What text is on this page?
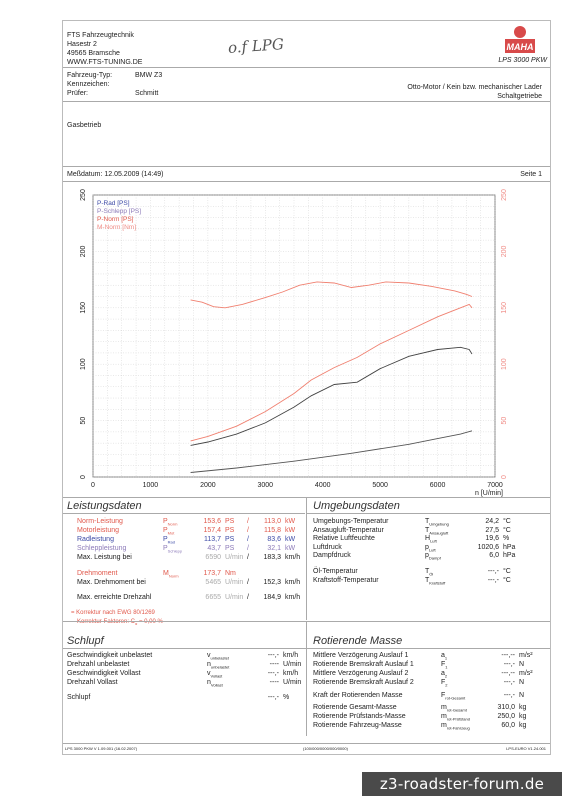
FTS Fahrzeugtechnik
Hasestr 2
49565 Bramsche
WWW.FTS-TUNING.DE
o.f LPG	MAHA
LPS 3000 PKW
Fahrzeug-Typ:	BMW Z3
Kennzeichen:
Prüfer:	Schmitt
Otto-Motor / Kein bzw. mechanischer Lader
Schaltgetriebe
Gasbetrieb
Meßdatum: 12.05.2009 (14:49)	Seite 1
0	1000	2000	3000	4000	5000	6000	7000
0	0
50	50
100	100
150	150
200	200
250	250
P-Rad [PS]
P-Schlepp [PS]
P-Norm [PS]
M-Norm [Nm]
n [U/min]
Leistungsdaten
Norm-Leistung	$P_{Norm}$	153,6 PS /	113,0 kW
Motorleistung	$P_{Mot}$	157,4 PS /	115,8 kW
Radleistung	$P_{Rad}$	113,7 PS /	83,6 kW
Schleppleistung	$P_{Schlepp}$	43,7 PS /	32,1 kW
Max. Leistung bei	6590 U/min /	183,3 km/h
Drehmoment	$M_{Norm}$	173,7 Nm
Max. Drehmoment bei	5465 U/min /	152,3 km/h
Max. erreichte Drehzahl	6655 U/min /	184,9 km/h
= Korrektur nach EWG 80/1269
Korrektur-Faktoren: $C_\alpha = 0,00$ %
Umgebungsdaten
Umgebungs-Temperatur	$T_{Umgebung}$	24,2 °C
Ansaugluft-Temperatur	$T_{Ansaugluft}$	27,5 °C
Relative Luftfeuchte	$H_{Luft}$	19,6 %
Luftdruck	$p_{Luft}$	1020,6 hPa
Dampfdruck	$p_{Dampf}$	6,0 hPa
Öl-Temperatur	$T_{Öl}$	---,- °C
Kraftstoff-Temperatur	$T_{Kraftstoff}$	---,- °C
Schlupf
Geschwindigkeit unbelastet	$v_{unbelastet}$	---,- km/h
Drehzahl unbelastet	$n_{unbelastet}$	---- U/min
Geschwindigkeit Vollast	$v_{Vollast}$	---,- km/h
Drehzahl Vollast	$n_{Vollast}$	---- U/min
Schlupf	---,- %
Rotierende Masse
Mittlere Verzögerung Auslauf 1	$a_1$	---,-- m/s²
Rotierende Bremskraft Auslauf 1	$F_1$	---,- N
Mittlere Verzögerung Auslauf 2	$a_2$	---,-- m/s²
Rotierende Bremskraft Auslauf 2	$F_2$	---,- N
Kraft der Rotierenden Masse	$F_{rot-Gesamt}$	---,- N
Rotierende Gesamt-Masse	$m_{rot-Gesamt}$	310,0 kg
Rotierende Prüfstands-Masse	$m_{rot-Prüfstand}$	250,0 kg
Rotierende Fahrzeug-Masse	$m_{rot-Fahrzeug}$	60,0 kg
LPS 3000 PKW V 1.09.001 (16.02.2007)	(100/000/0000/000/0000)	LPS-EURO V1.24.001
z3-roadster-forum.de
